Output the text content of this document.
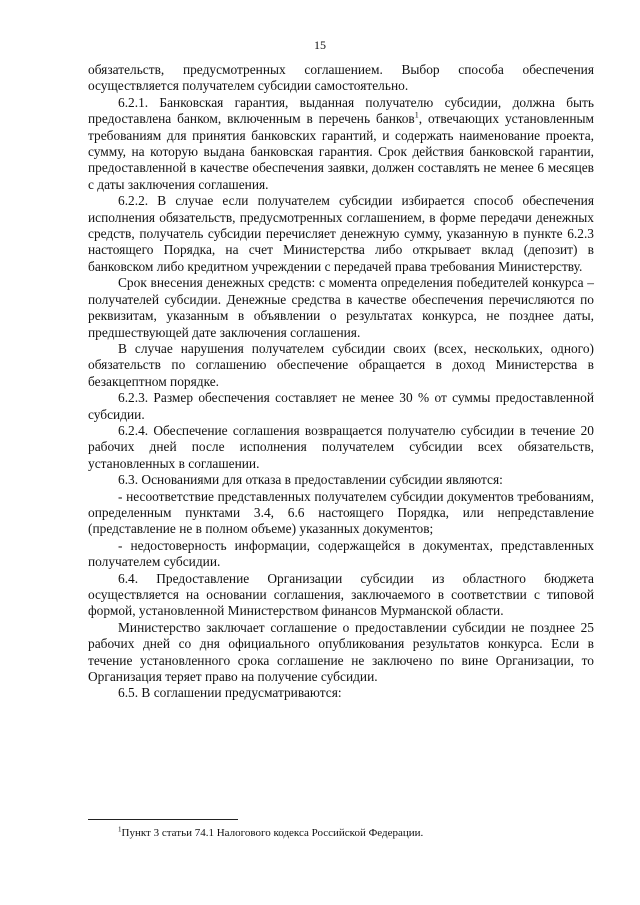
15

обязательств, предусмотренных соглашением. Выбор способа обеспечения осуществляется получателем субсидии самостоятельно.

6.2.1. Банковская гарантия, выданная получателю субсидии, должна быть предоставлена банком, включенным в перечень банков$^1$, отвечающих установленным требованиям для принятия банковских гарантий, и содержать наименование проекта, сумму, на которую выдана банковская гарантия. Срок действия банковской гарантии, предоставленной в качестве обеспечения заявки, должен составлять не менее 6 месяцев с даты заключения соглашения.

6.2.2. В случае если получателем субсидии избирается способ обеспечения исполнения обязательств, предусмотренных соглашением, в форме передачи денежных средств, получатель субсидии перечисляет денежную сумму, указанную в пункте 6.2.3 настоящего Порядка, на счет Министерства либо открывает вклад (депозит) в банковском либо кредитном учреждении с передачей права требования Министерству.

Срок внесения денежных средств: с момента определения победителей конкурса – получателей субсидии. Денежные средства в качестве обеспечения перечисляются по реквизитам, указанным в объявлении о результатах конкурса, не позднее даты, предшествующей дате заключения соглашения.

В случае нарушения получателем субсидии своих (всех, нескольких, одного) обязательств по соглашению обеспечение обращается в доход Министерства в безакцептном порядке.

6.2.3. Размер обеспечения составляет не менее 30 % от суммы предоставленной субсидии.

6.2.4. Обеспечение соглашения возвращается получателю субсидии в течение 20 рабочих дней после исполнения получателем субсидии всех обязательств, установленных в соглашении.

6.3. Основаниями для отказа в предоставлении субсидии являются:

- несоответствие представленных получателем субсидии документов требованиям, определенным пунктами 3.4, 6.6 настоящего Порядка, или непредставление (представление не в полном объеме) указанных документов;

- недостоверность информации, содержащейся в документах, представленных получателем субсидии.

6.4. Предоставление Организации субсидии из областного бюджета осуществляется на основании соглашения, заключаемого в соответствии с типовой формой, установленной Министерством финансов Мурманской области.

Министерство заключает соглашение о предоставлении субсидии не позднее 25 рабочих дней со дня официального опубликования результатов конкурса. Если в течение установленного срока соглашение не заключено по вине Организации, то Организация теряет право на получение субсидии.

6.5. В соглашении предусматриваются:

$^1$Пункт 3 статьи 74.1 Налогового кодекса Российской Федерации.
